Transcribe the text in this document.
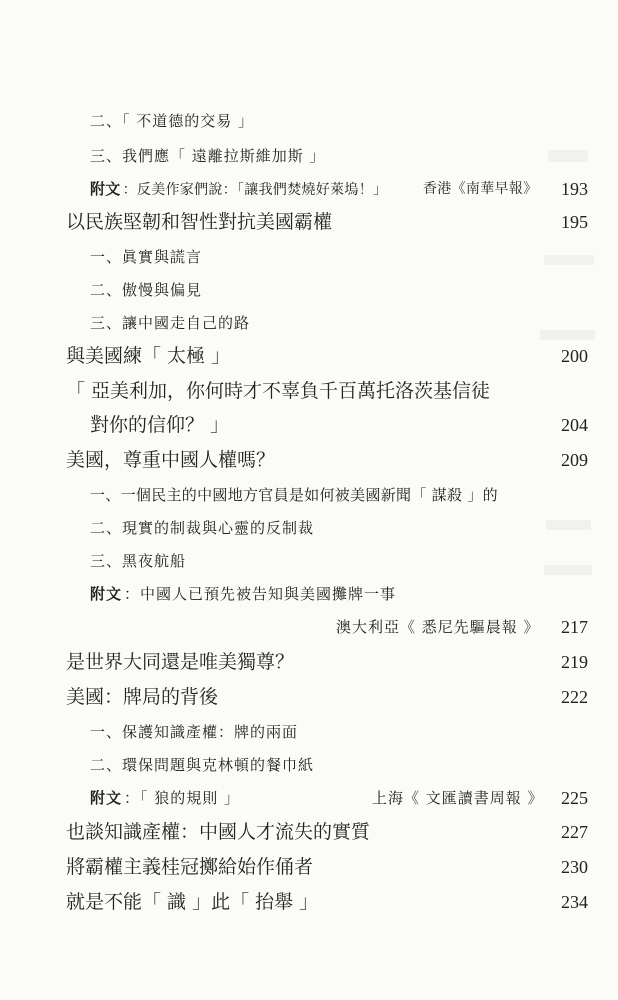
二、「 不道德的交易 」
三、我們應「 遠離拉斯維加斯 」
附文 ：反美作家們說：「讓我們焚燒好萊塢！」	香港《南華早報》 193
以民族堅韌和智性對抗美國霸權	195
一、眞實與謊言
二、傲慢與偏見
三、讓中國走自己的路
與美國練「 太極 」	200
「 亞美利加，你何時才不辜負千百萬托洛茨基信徒
對你的信仰？ 」	204
美國，尊重中國人權嗎？	209
一、一個民主的中國地方官員是如何被美國新聞「 謀殺 」的
二、現實的制裁與心靈的反制裁
三、黑夜航船
附文 ：中國人已預先被告知與美國攤牌一事
澳大利亞《 悉尼先驅晨報 》 217
是世界大同還是唯美獨尊？	219
美國：牌局的背後	222
一、保護知識產權：牌的兩面
二、環保問題與克林頓的餐巾紙
附文 ：「 狼的規則 」	上海《 文匯讀書周報 》 225
也談知識產權：中國人才流失的實質	227
將霸權主義桂冠擲給始作俑者	230
就是不能「 識 」此「 抬舉 」	234
